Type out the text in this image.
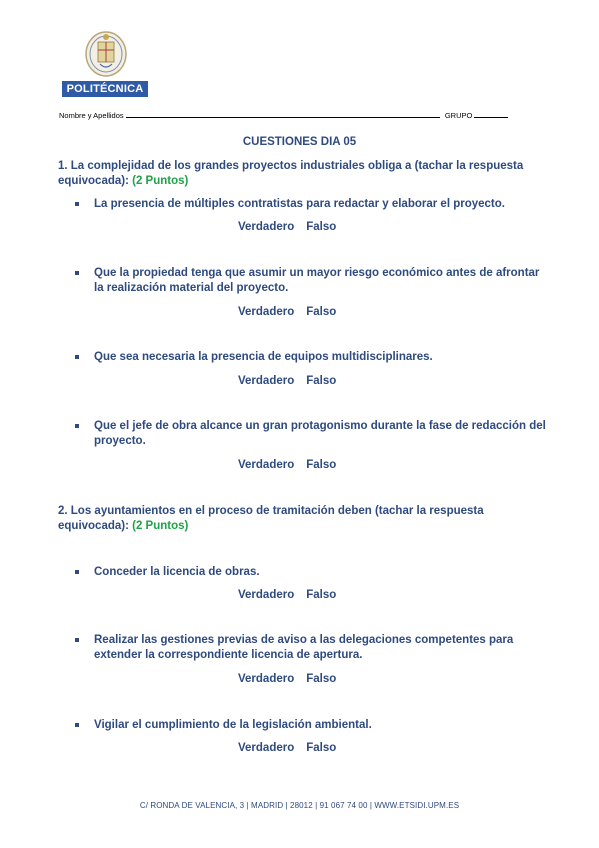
POLITÉCNICA
Nombre y Apellidos	GRUPO
CUESTIONES DIA 05
1. La complejidad de los grandes proyectos industriales obliga a (tachar la respuesta equivocada): (2 Puntos)
La presencia de múltiples contratistas para redactar y elaborar el proyecto.
Verdadero Falso
Que la propiedad tenga que asumir un mayor riesgo económico antes de afrontar la realización material del proyecto.
Verdadero Falso
Que sea necesaria la presencia de equipos multidisciplinares.
Verdadero Falso
Que el jefe de obra alcance un gran protagonismo durante la fase de redacción del proyecto.
Verdadero Falso
2. Los ayuntamientos en el proceso de tramitación deben (tachar la respuesta equivocada): (2 Puntos)
Conceder la licencia de obras.
Verdadero Falso
Realizar las gestiones previas de aviso a las delegaciones competentes para extender la correspondiente licencia de apertura.
Verdadero Falso
Vigilar el cumplimiento de la legislación ambiental.
Verdadero Falso
C/ RONDA DE VALENCIA, 3 | MADRID | 28012 | 91 067 74 00 | WWW.ETSIDI.UPM.ES
